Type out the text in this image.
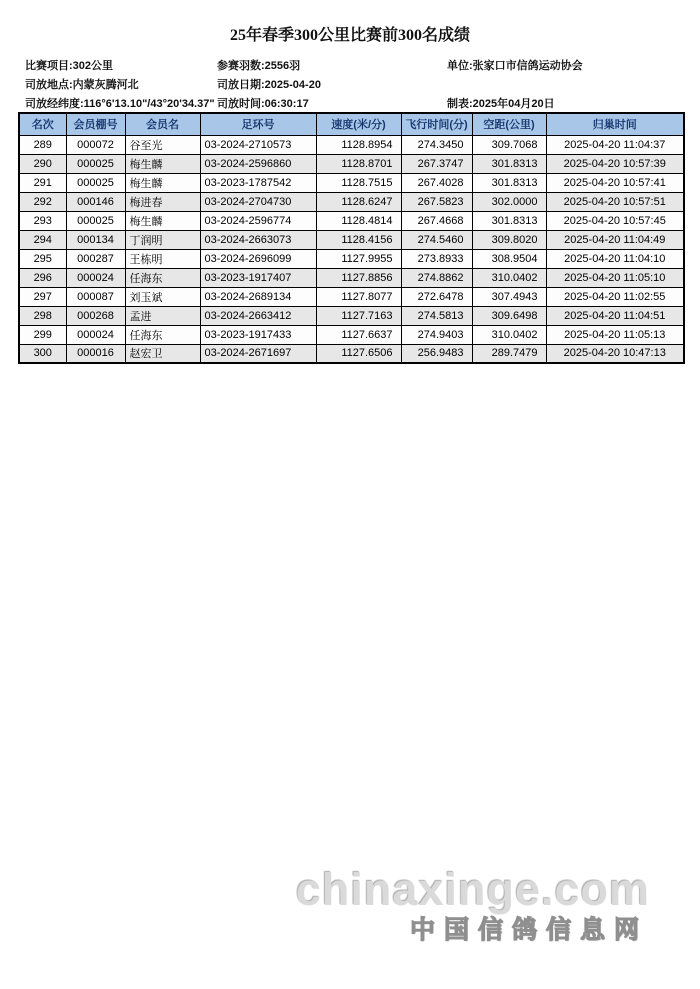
25年春季300公里比赛前300名成绩
比赛项目:302公里	参赛羽数:2556羽	单位:张家口市信鸽运动协会
司放地点:内蒙灰腾河北	司放日期:2025-04-20
司放经纬度:116°6'13.10"/43°20'34.37" 司放时间:06:30:17	制表:2025年04月20日
名次	会员棚号	会员名	足环号	速度(米/分)	飞行时间(分)	空距(公里)	归巢时间
289	000072	谷至光	03-2024-2710573	1128.8954	274.3450	309.7068	2025-04-20 11:04:37
290	000025	梅生麟	03-2024-2596860	1128.8701	267.3747	301.8313	2025-04-20 10:57:39
291	000025	梅生麟	03-2023-1787542	1128.7515	267.4028	301.8313	2025-04-20 10:57:41
292	000146	梅进春	03-2024-2704730	1128.6247	267.5823	302.0000	2025-04-20 10:57:51
293	000025	梅生麟	03-2024-2596774	1128.4814	267.4668	301.8313	2025-04-20 10:57:45
294	000134	丁润明	03-2024-2663073	1128.4156	274.5460	309.8020	2025-04-20 11:04:49
295	000287	王栋明	03-2024-2696099	1127.9955	273.8933	308.9504	2025-04-20 11:04:10
296	000024	任海东	03-2023-1917407	1127.8856	274.8862	310.0402	2025-04-20 11:05:10
297	000087	刘玉斌	03-2024-2689134	1127.8077	272.6478	307.4943	2025-04-20 11:02:55
298	000268	孟进	03-2024-2663412	1127.7163	274.5813	309.6498	2025-04-20 11:04:51
299	000024	任海东	03-2023-1917433	1127.6637	274.9403	310.0402	2025-04-20 11:05:13
300	000016	赵宏卫	03-2024-2671697	1127.6506	256.9483	289.7479	2025-04-20 10:47:13
chinaxinge.com
中国信鸽信息网
